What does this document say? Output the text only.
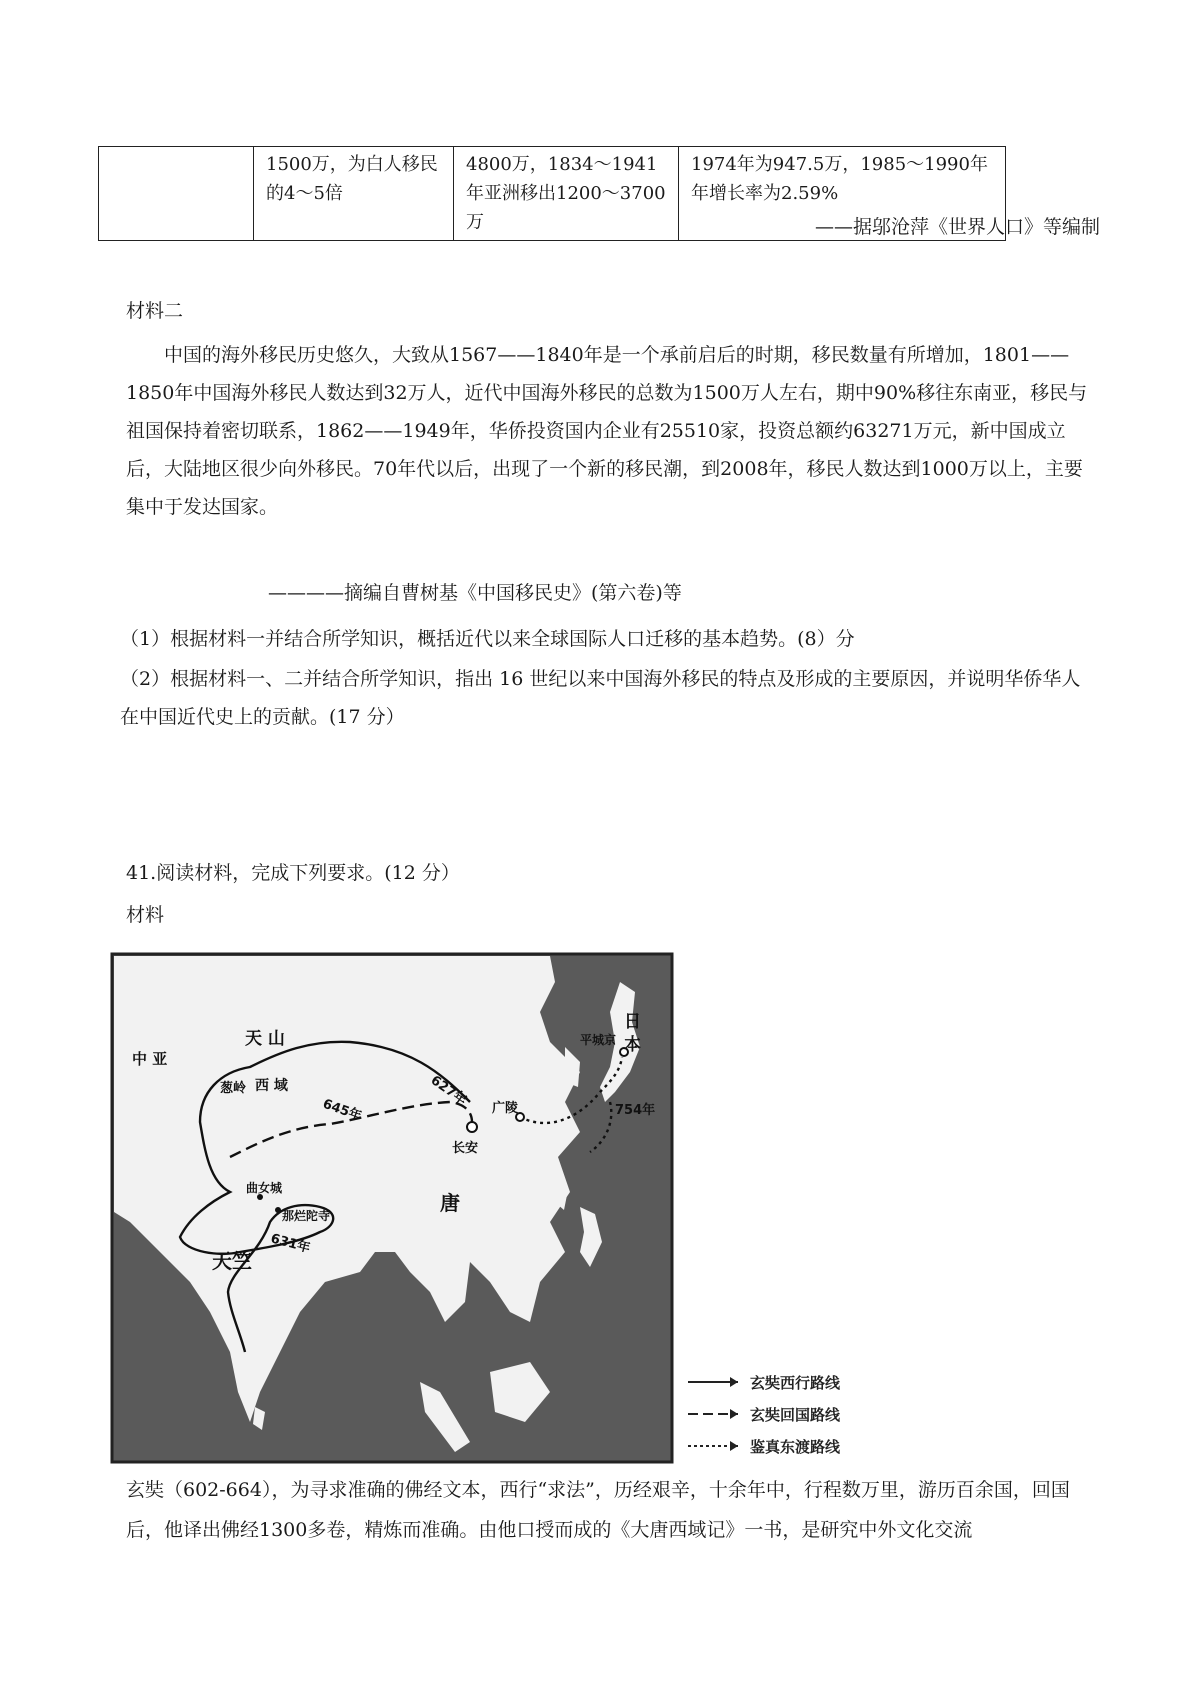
	1500万，为白人移民的4～5倍	4800万，1834～1941年亚洲移出1200～3700万	1974年为947.5万，1985～1990年年增长率为2.59%
——据邬沧萍《世界人口》等编制
材料二
中国的海外移民历史悠久，大致从1567——1840年是一个承前启后的时期，移民数量有所增加，1801——1850年中国海外移民人数达到32万人，近代中国海外移民的总数为1500万人左右，期中90%移往东南亚，移民与祖国保持着密切联系，1862——1949年，华侨投资国内企业有25510家，投资总额约63271万元，新中国成立后，大陆地区很少向外移民。70年代以后，出现了一个新的移民潮，到2008年，移民人数达到1000万以上，主要集中于发达国家。
————摘编自曹树基《中国移民史》(第六卷)等
（1）根据材料一并结合所学知识，概括近代以来全球国际人口迁移的基本趋势。(8）分
（2）根据材料一、二并结合所学知识，指出 16 世纪以来中国海外移民的特点及形成的主要原因，并说明华侨华人在中国近代史上的贡献。(17 分）
41.阅读材料，完成下列要求。(12 分）
材料
中 亚
天 山
葱岭 西 域	627年
645年
长安
广陵
唐
曲女城
那烂陀寺
631年
天竺
日 本
平城京
754年
玄奘西行路线
玄奘回国路线
鉴真东渡路线
玄奘（602-664），为寻求准确的佛经文本，西行“求法”，历经艰辛，十余年中，行程数万里，游历百余国，回国后，他译出佛经1300多卷，精炼而准确。由他口授而成的《大唐西域记》一书，是研究中外文化交流
